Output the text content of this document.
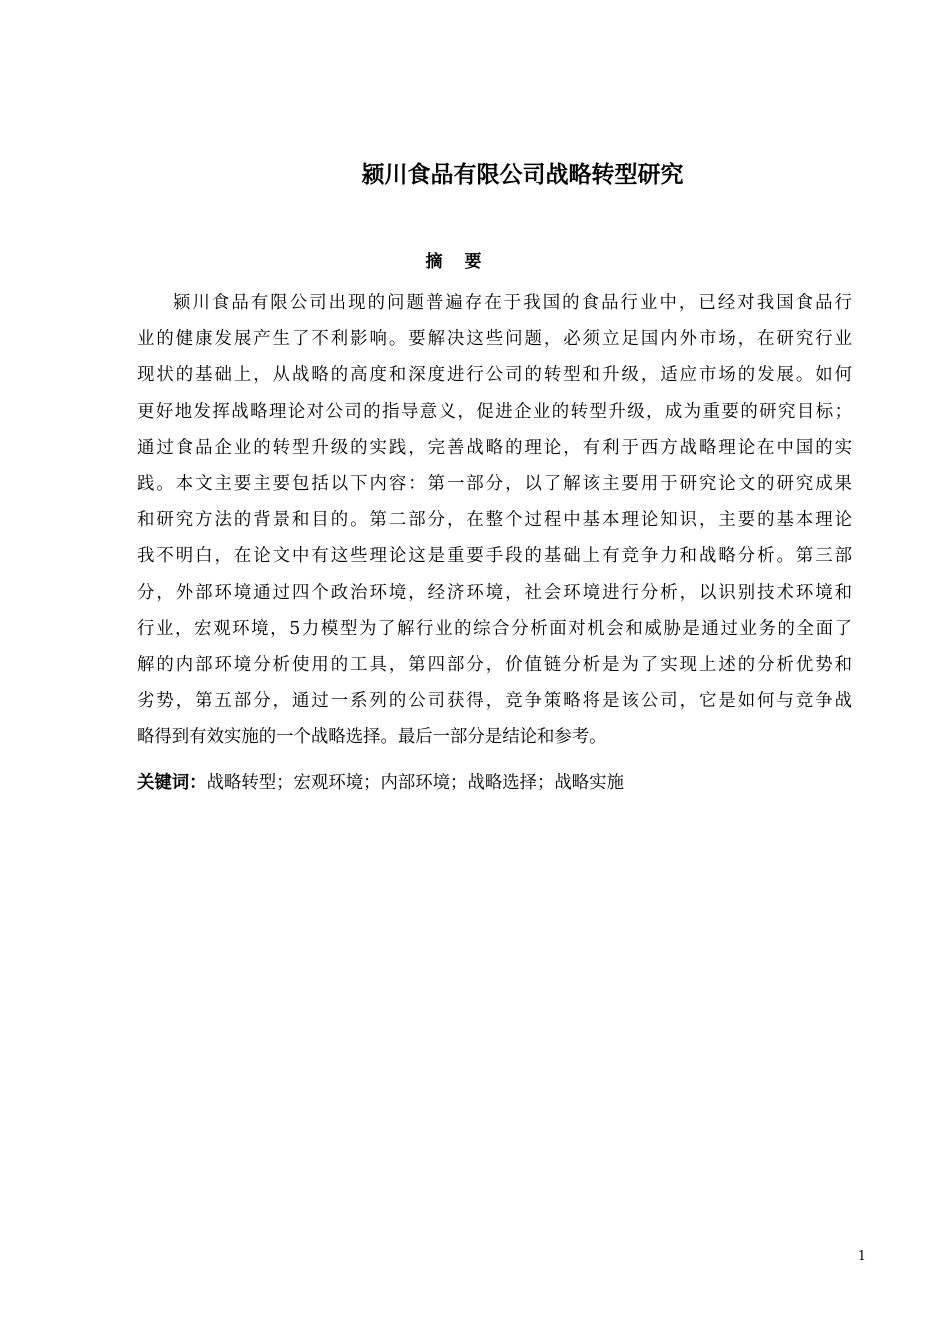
颍川食品有限公司战略转型研究
摘 要
颍川食品有限公司出现的问题普遍存在于我国的食品行业中，已经对我国食品行
业的健康发展产生了不利影响。要解决这些问题，必须立足国内外市场，在研究行业
现状的基础上，从战略的高度和深度进行公司的转型和升级，适应市场的发展。如何
更好地发挥战略理论对公司的指导意义，促进企业的转型升级，成为重要的研究目标；
通过食品企业的转型升级的实践，完善战略的理论，有利于西方战略理论在中国的实
践。本文主要主要包括以下内容：第一部分，以了解该主要用于研究论文的研究成果
和研究方法的背景和目的。第二部分，在整个过程中基本理论知识，主要的基本理论
我不明白，在论文中有这些理论这是重要手段的基础上有竞争力和战略分析。第三部
分，外部环境通过四个政治环境，经济环境，社会环境进行分析，以识别技术环境和
行业，宏观环境，5力模型为了解行业的综合分析面对机会和威胁是通过业务的全面了
解的内部环境分析使用的工具，第四部分，价值链分析是为了实现上述的分析优势和
劣势，第五部分，通过一系列的公司获得，竞争策略将是该公司，它是如何与竞争战
略得到有效实施的一个战略选择。最后一部分是结论和参考。
关键词：战略转型；宏观环境；内部环境；战略选择；战略实施
1
